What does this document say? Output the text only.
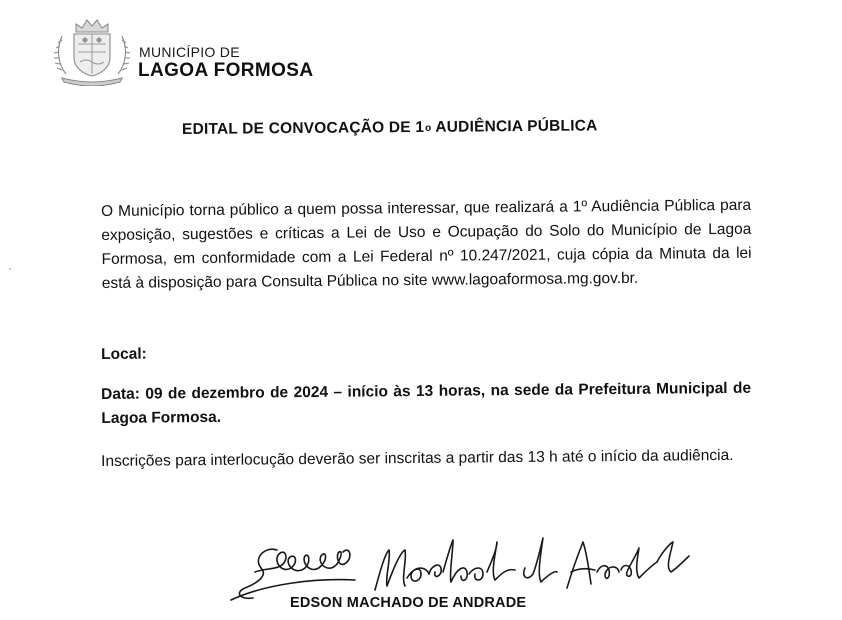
MUNICÍPIO DE
LAGOA FORMOSA
EDITAL DE CONVOCAÇÃO DE 1$^o$ AUDIÊNCIA PÚBLICA
O Município torna público a quem possa interessar, que realizará a 1º Audiência Pública para exposição, sugestões e críticas a Lei de Uso e Ocupação do Solo do Município de Lagoa Formosa, em conformidade com a Lei Federal nº 10.247/2021, cuja cópia da Minuta da lei está à disposição para Consulta Pública no site www.lagoaformosa.mg.gov.br.
Local:
Data: 09 de dezembro de 2024 – início às 13 horas, na sede da Prefeitura Municipal de Lagoa Formosa.
Inscrições para interlocução deverão ser inscritas a partir das 13 h até o início da audiência.
EDSON MACHADO DE ANDRADE
